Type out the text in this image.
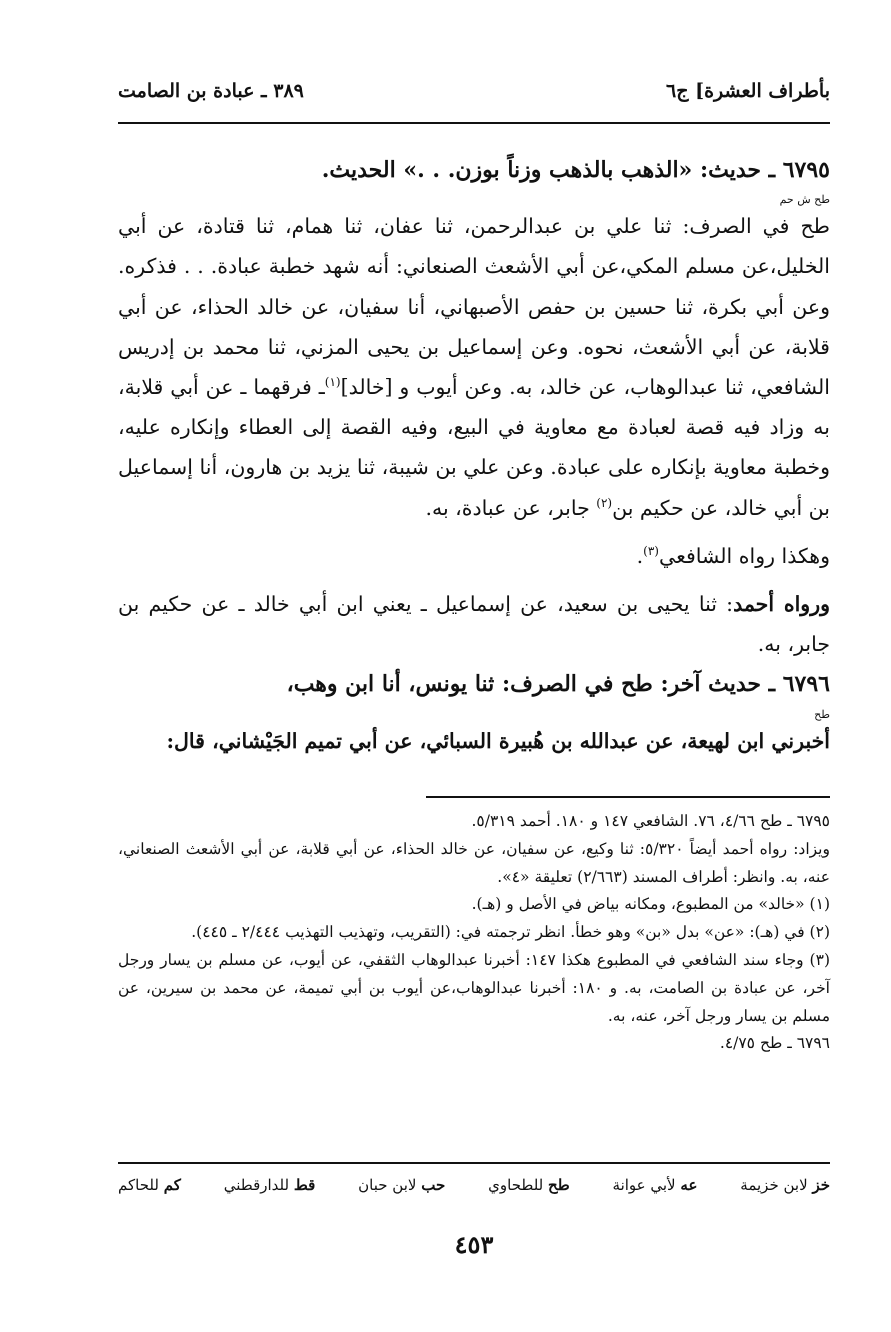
بأطراف العشرة] ج٦
٣٨٩ ـ عبادة بن الصامت

٦٧٩٥ ـ حديث: «الذهب بالذهب وزناً بوزن. . .» الحديث.

طح ش حم

طح في الصرف: ثنا علي بن عبدالرحمن، ثنا عفان، ثنا همام، ثنا قتادة، عن أبي الخليل،عن مسلم المكي،عن أبي الأشعث الصنعاني: أنه شهد خطبة عبادة. . . فذكره. وعن أبي بكرة، ثنا حسين بن حفص الأصبهاني، أنا سفيان، عن خالد الحذاء، عن أبي قلابة، عن أبي الأشعث، نحوه. وعن إسماعيل بن يحيى المزني، ثنا محمد بن إدريس الشافعي، ثنا عبدالوهاب، عن خالد، به. وعن أيوب و [خالد]$^{(١)}$ـ فرقهما ـ عن أبي قلابة، به وزاد فيه قصة لعبادة مع معاوية في البيع، وفيه القصة إلى العطاء وإنكاره عليه، وخطبة معاوية بإنكاره على عبادة. وعن علي بن شيبة، ثنا يزيد بن هارون، أنا إسماعيل بن أبي خالد، عن حكيم بن$^{(٢)}$ جابر، عن عبادة، به.

وهكذا رواه الشافعي$^{(٣)}$.

ورواه أحمد: ثنا يحيى بن سعيد، عن إسماعيل ـ يعني ابن أبي خالد ـ عن حكيم بن جابر، به.

٦٧٩٦ ـ حديث آخر: طح في الصرف: ثنا يونس، أنا ابن وهب،

طح

أخبرني ابن لهيعة، عن عبدالله بن هُبيرة السبائي، عن أبي تميم الجَيْشاني، قال:

٦٧٩٥ ـ طح ٤/٦٦، ٧٦. الشافعي ١٤٧ و ١٨٠. أحمد ٥/٣١٩.

ويزاد: رواه أحمد أيضاً ٥/٣٢٠: ثنا وكيع، عن سفيان، عن خالد الحذاء، عن أبي قلابة، عن أبي الأشعث الصنعاني، عنه، به. وانظر: أطراف المسند (٢/٦٦٣) تعليقة «٤».

(١) «خالد» من المطبوع، ومكانه بياض في الأصل و (هـ).

(٢) في (هـ): «عن» بدل «بن» وهو خطأ. انظر ترجمته في: (التقريب، وتهذيب التهذيب ٢/٤٤٤ ـ ٤٤٥).

(٣) وجاء سند الشافعي في المطبوع هكذا ١٤٧: أخبرنا عبدالوهاب الثقفي، عن أيوب، عن مسلم بن يسار ورجل آخر، عن عبادة بن الصامت، به. و ١٨٠: أخبرنا عبدالوهاب،عن أيوب بن أبي تميمة، عن محمد بن سيرين، عن مسلم بن يسار ورجل آخر، عنه، به.

٦٧٩٦ ـ طح ٤/٧٥.

خز لابن خزيمة
عه لأبي عوانة
طح للطحاوي
حب لابن حبان
قط للدارقطني
كم للحاكم
٤٥٣
